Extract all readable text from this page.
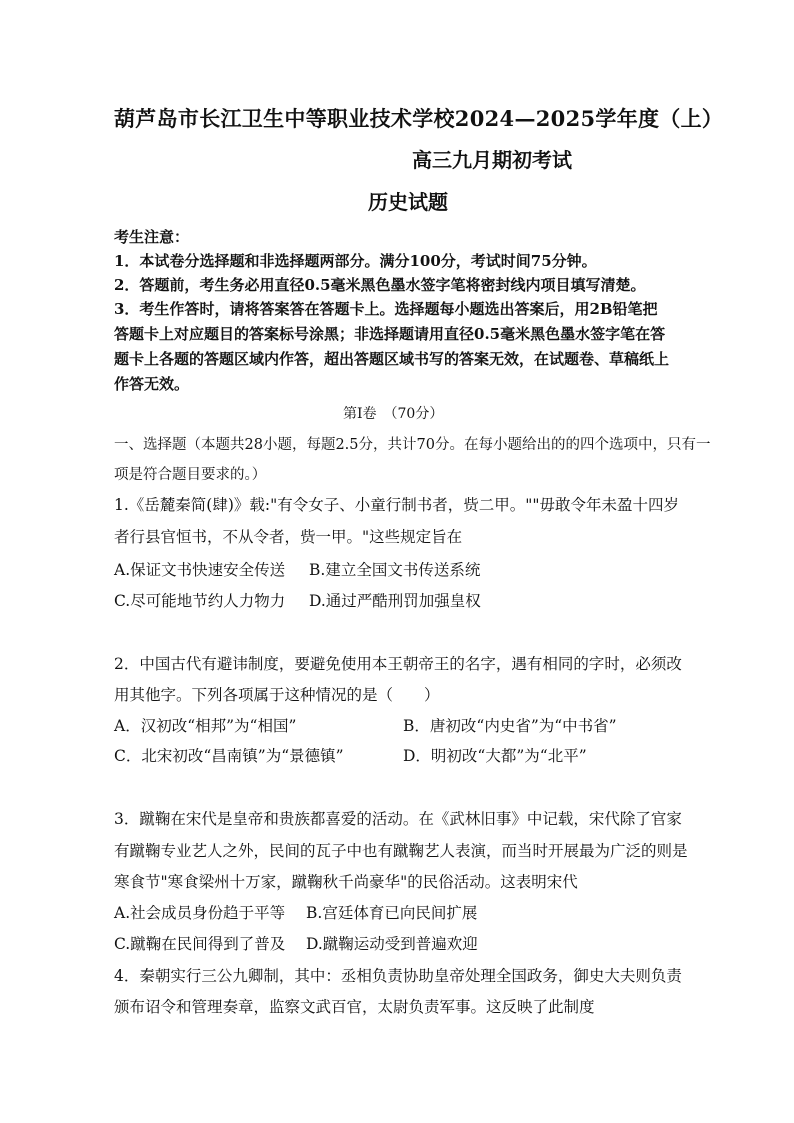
葫芦岛市长江卫生中等职业技术学校2024—2025学年度（上）
高三九月期初考试
历史试题
考生注意：
1．本试卷分选择题和非选择题两部分。满分100分，考试时间75分钟。
2．答题前，考生务必用直径0.5毫米黑色墨水签字笔将密封线内项目填写清楚。
3．考生作答时，请将答案答在答题卡上。选择题每小题选出答案后，用2B铅笔把
答题卡上对应题目的答案标号涂黑；非选择题请用直径0.5毫米黑色墨水签字笔在答
题卡上各题的答题区域内作答，超出答题区域书写的答案无效，在试题卷、草稿纸上
作答无效。
第Ⅰ卷　（70分）
一、选择题（本题共28小题，每题2.5分，共计70分。在每小题给出的的四个选项中，只有一
项是符合题目要求的。）
1.《岳麓秦简(肆)》载:"有令女子、小童行制书者，赀二甲。""毋敢令年未盈十四岁
者行县官恒书，不从令者，赀一甲。"这些规定旨在
A.保证文书快速安全传送 B.建立全国文书传送系统
C.尽可能地节约人力物力 D.通过严酷刑罚加强皇权
2．中国古代有避讳制度，要避免使用本王朝帝王的名字，遇有相同的字时，必须改
用其他字。下列各项属于这种情况的是（　　）
A．汉初改“相邦”为“相国”	B．唐初改“内史省”为“中书省”
C．北宋初改“昌南镇”为“景德镇”	D．明初改“大都”为“北平”
3．蹴鞠在宋代是皇帝和贵族都喜爱的活动。在《武林旧事》中记载，宋代除了官家
有蹴鞠专业艺人之外，民间的瓦子中也有蹴鞠艺人表演，而当时开展最为广泛的则是
寒食节"寒食梁州十万家，蹴鞠秋千尚豪华"的民俗活动。这表明宋代
A.社会成员身份趋于平等 B.宫廷体育已向民间扩展
C.蹴鞠在民间得到了普及 D.蹴鞠运动受到普遍欢迎
4．秦朝实行三公九卿制，其中：丞相负责协助皇帝处理全国政务，御史大夫则负责
颁布诏令和管理奏章，监察文武百官，太尉负责军事。这反映了此制度
